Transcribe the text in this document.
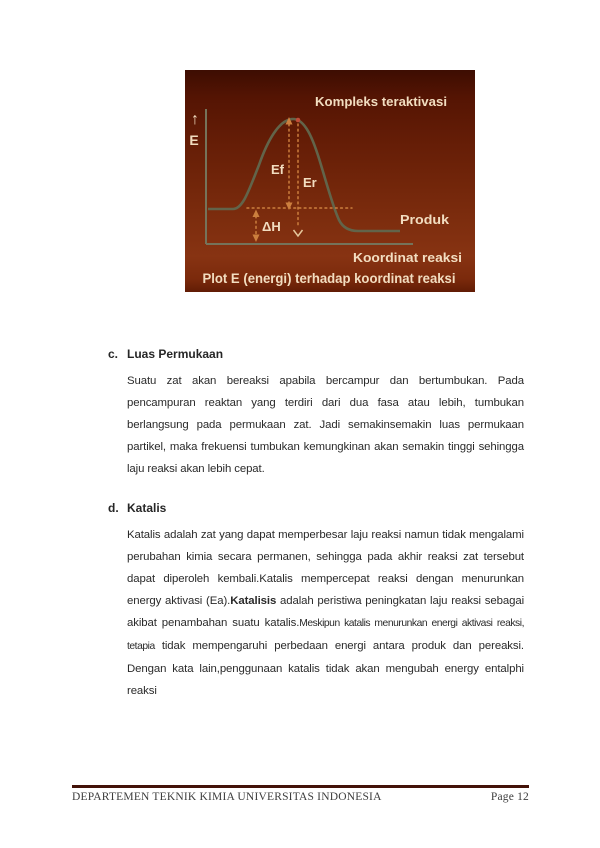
↑
E
Kompleks teraktivasi
Ef
Er
ΔH	Produk
Koordinat reaksi
Plot E (energi) terhadap koordinat reaksi
c. Luas Permukaan

Suatu zat akan bereaksi apabila bercampur dan bertumbukan. Pada pencampuran reaktan yang terdiri dari dua fasa atau lebih, tumbukan berlangsung pada permukaan zat. Jadi semakinsemakin luas permukaan partikel, maka frekuensi tumbukan kemungkinan akan semakin tinggi sehingga laju reaksi akan lebih cepat.

d. Katalis

Katalis adalah zat yang dapat memperbesar laju reaksi namun tidak mengalami perubahan kimia secara permanen, sehingga pada akhir reaksi zat tersebut dapat diperoleh kembali.Katalis mempercepat reaksi dengan menurunkan energy aktivasi (Ea).Katalisis adalah peristiwa peningkatan laju reaksi sebagai akibat penambahan suatu katalis.Meskipun katalis menurunkan energi aktivasi reaksi, tetapia tidak mempengaruhi perbedaan energi antara produk dan pereaksi. Dengan kata lain,penggunaan katalis tidak akan mengubah energy entalphi reaksi

DEPARTEMEN TEKNIK KIMIA UNIVERSITAS INDONESIA	Page 12
